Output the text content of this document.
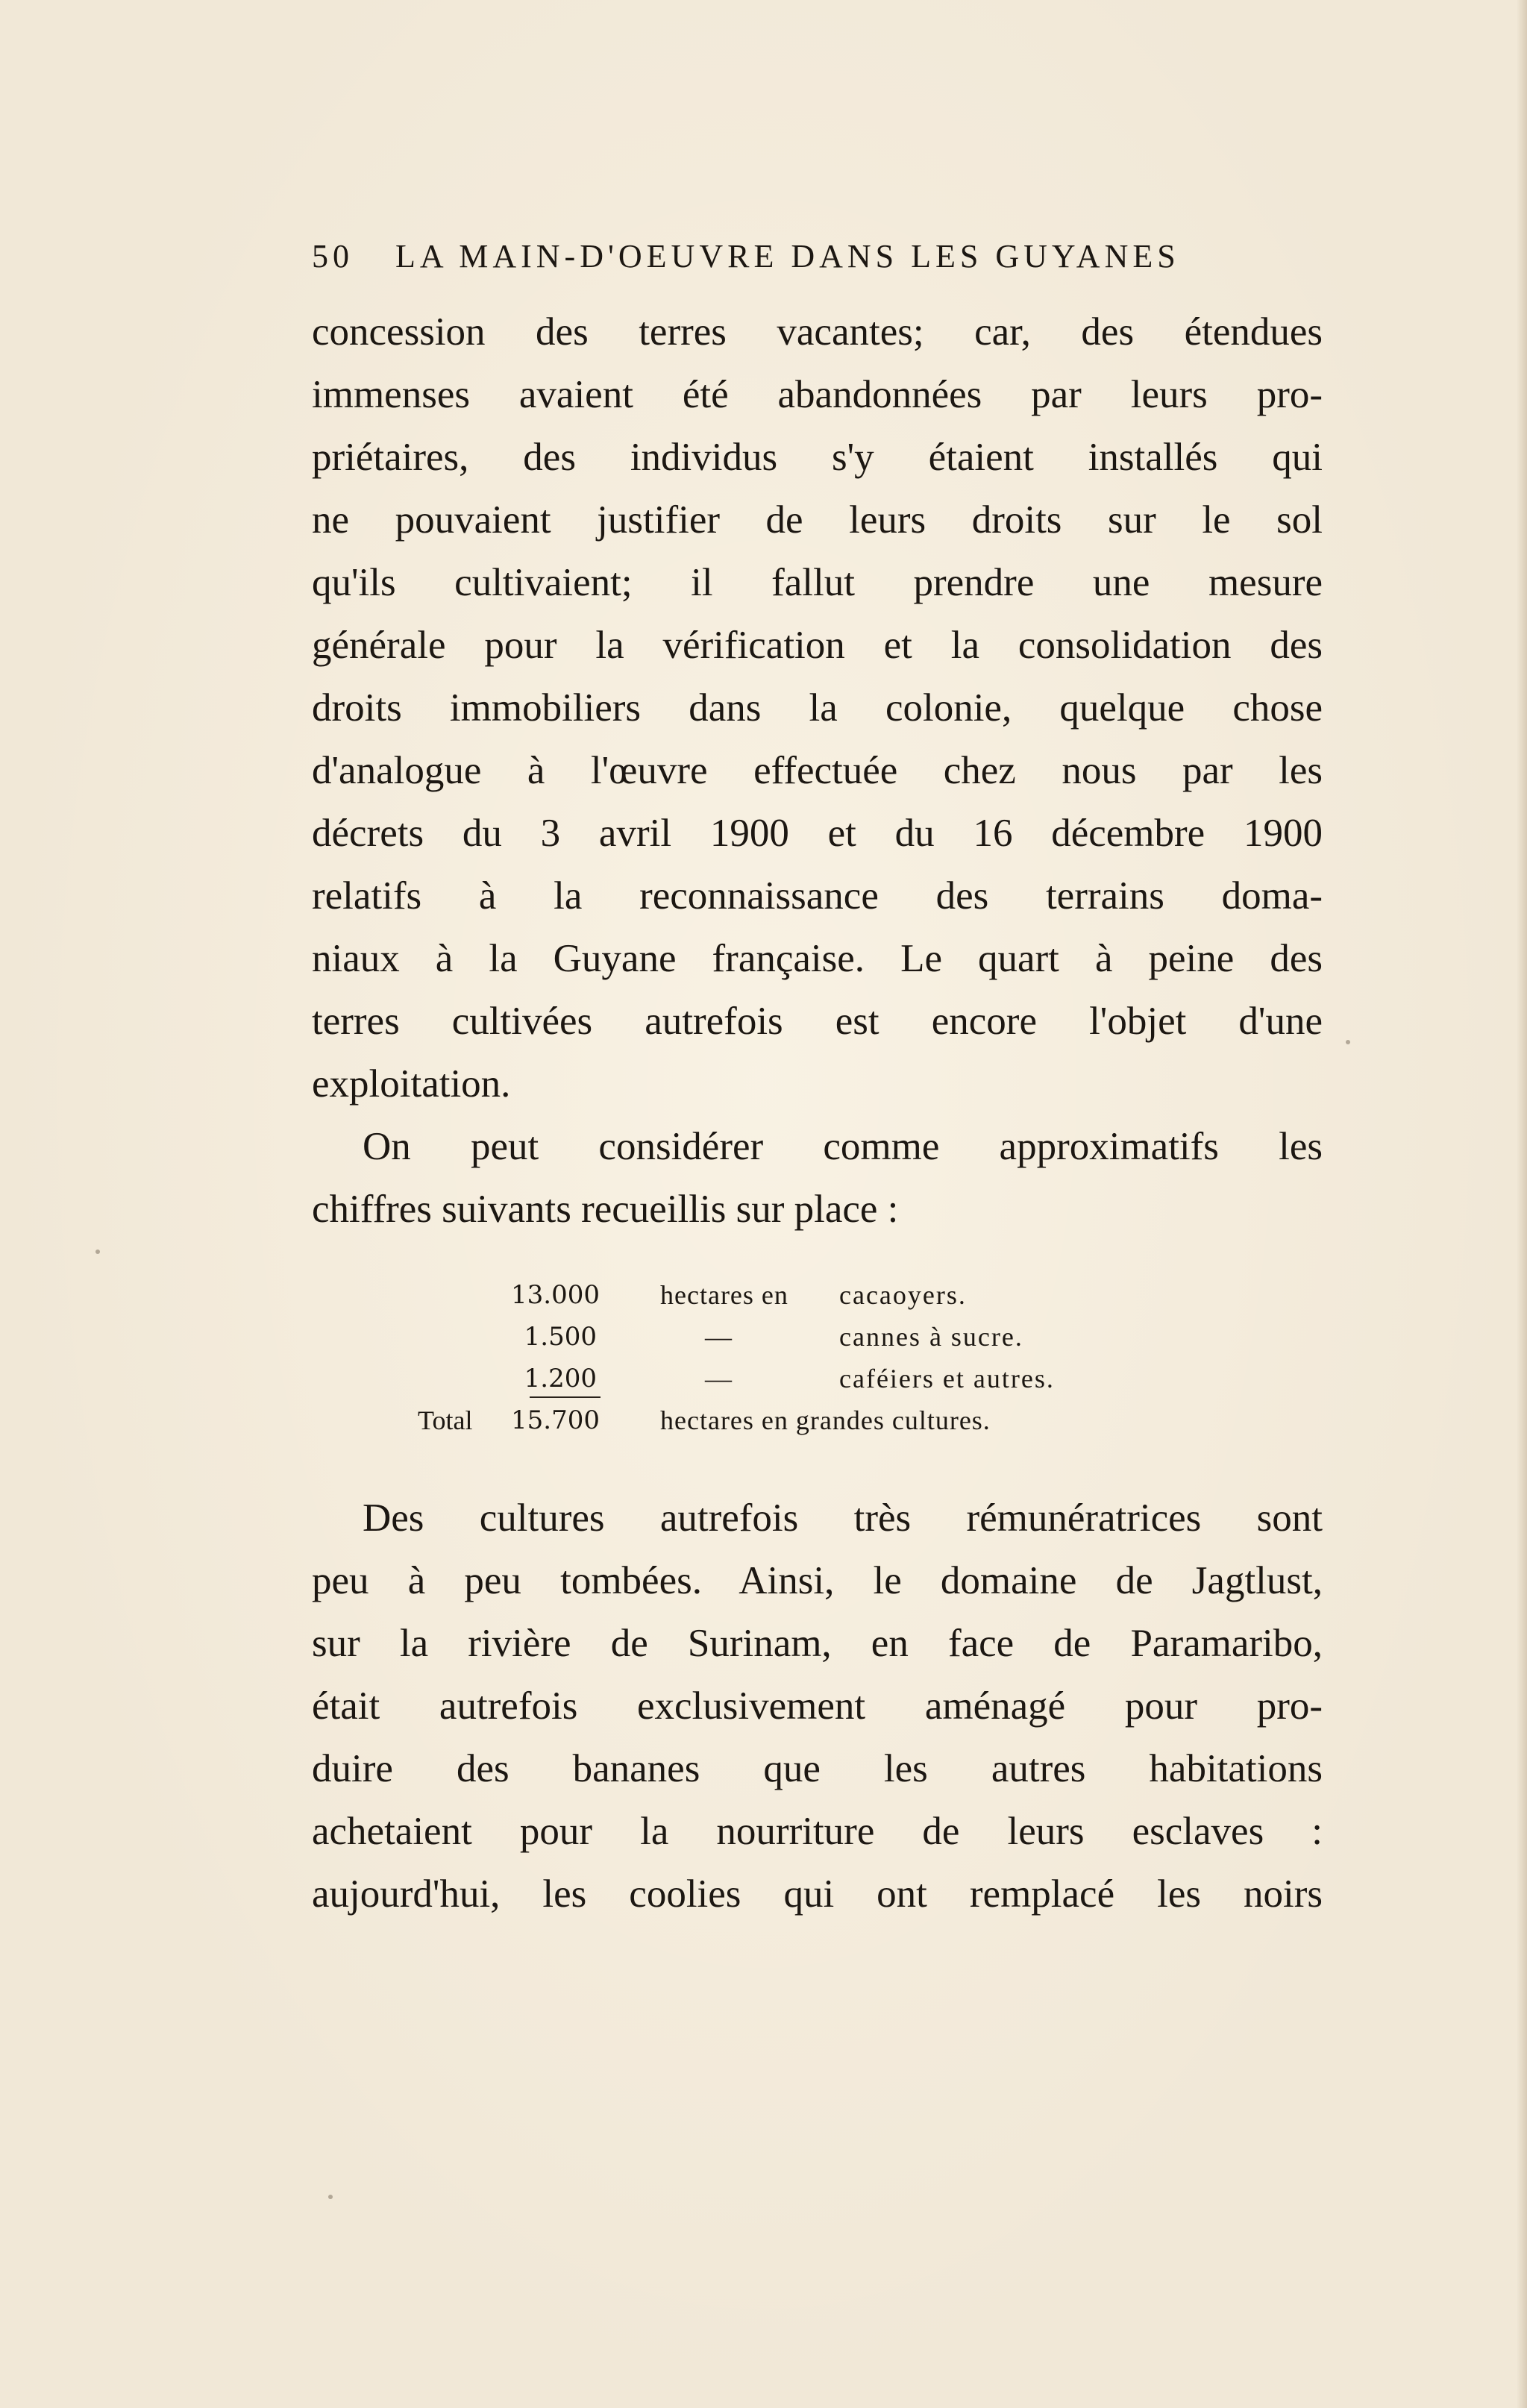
50 LA MAIN-D'OEUVRE DANS LES GUYANES
concession des terres vacantes; car, des étendues
immenses avaient été abandonnées par leurs pro-
priétaires, des individus s'y étaient installés qui
ne pouvaient justifier de leurs droits sur le sol
qu'ils cultivaient; il fallut prendre une mesure
générale pour la vérification et la consolidation des
droits immobiliers dans la colonie, quelque chose
d'analogue à l'œuvre effectuée chez nous par les
décrets du 3 avril 1900 et du 16 décembre 1900
relatifs à la reconnaissance des terrains doma-
niaux à la Guyane française. Le quart à peine des
terres cultivées autrefois est encore l'objet d'une
exploitation.
On peut considérer comme approximatifs les
chiffres suivants recueillis sur place :
13.000 hectares en cacaoyers.
1.500	—	cannes à sucre.
1.200	—	caféiers et autres.
Total 15.700 hectares en grandes cultures.
Des cultures autrefois très rémunératrices sont
peu à peu tombées. Ainsi, le domaine de Jagtlust,
sur la rivière de Surinam, en face de Paramaribo,
était autrefois exclusivement aménagé pour pro-
duire des bananes que les autres habitations
achetaient pour la nourriture de leurs esclaves :
aujourd'hui, les coolies qui ont remplacé les noirs
